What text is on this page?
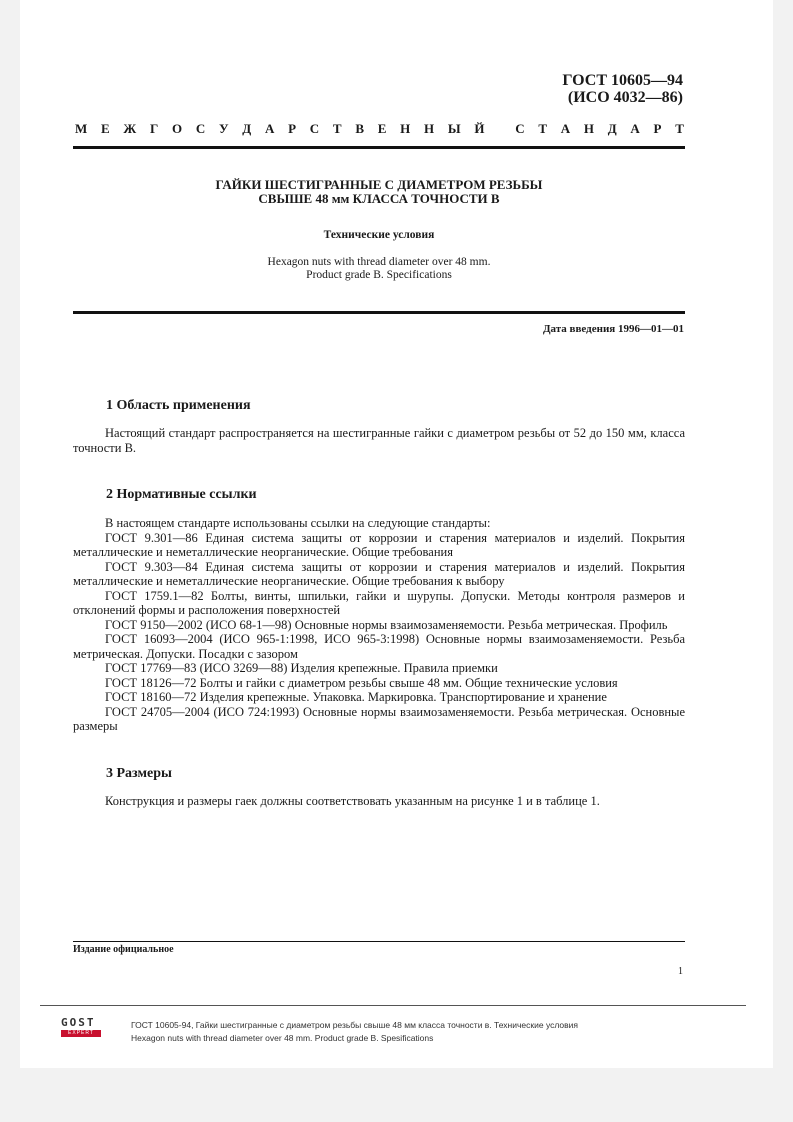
ГОСТ 10605—94
(ИСО 4032—86)
М Е Ж Г О С У Д А Р С Т В Е Н Н Ы Й
С Т А Н Д А Р Т
ГАЙКИ ШЕСТИГРАННЫЕ С ДИАМЕТРОМ РЕЗЬБЫ
СВЫШЕ 48 мм КЛАССА ТОЧНОСТИ В
Технические условия
Hexagon nuts with thread diameter over 48 mm.
Product grade B. Specifications
Дата введения 1996—01—01
1 Область применения

Настоящий стандарт распространяется на шестигранные гайки с диаметром резьбы от 52 до 150 мм, класса точности В.

2 Нормативные ссылки

В настоящем стандарте использованы ссылки на следующие стандарты:

ГОСТ 9.301—86 Единая система защиты от коррозии и старения материалов и изделий. Покрытия металлические и неметаллические неорганические. Общие требования

ГОСТ 9.303—84 Единая система защиты от коррозии и старения материалов и изделий. Покрытия металлические и неметаллические неорганические. Общие требования к выбору

ГОСТ 1759.1—82 Болты, винты, шпильки, гайки и шурупы. Допуски. Методы контроля размеров и отклонений формы и расположения поверхностей

ГОСТ 9150—2002 (ИСО 68-1—98) Основные нормы взаимозаменяемости. Резьба метрическая. Профиль

ГОСТ 16093—2004 (ИСО 965-1:1998, ИСО 965-3:1998) Основные нормы взаимозаменяемости. Резьба метрическая. Допуски. Посадки с зазором

ГОСТ 17769—83 (ИСО 3269—88) Изделия крепежные. Правила приемки

ГОСТ 18126—72 Болты и гайки с диаметром резьбы свыше 48 мм. Общие технические условия

ГОСТ 18160—72 Изделия крепежные. Упаковка. Маркировка. Транспортирование и хранение

ГОСТ 24705—2004 (ИСО 724:1993) Основные нормы взаимозаменяемости. Резьба метрическая. Основные размеры

3 Размеры

Конструкция и размеры гаек должны соответствовать указанным на рисунке 1 и в таблице 1.

Издание официальное
1
GOST
EXPERT
ГОСТ 10605-94, Гайки шестигранные с диаметром резьбы свыше 48 мм класса точности в. Технические условия
Hexagon nuts with thread diameter over 48 mm. Product grade B. Spesifications
